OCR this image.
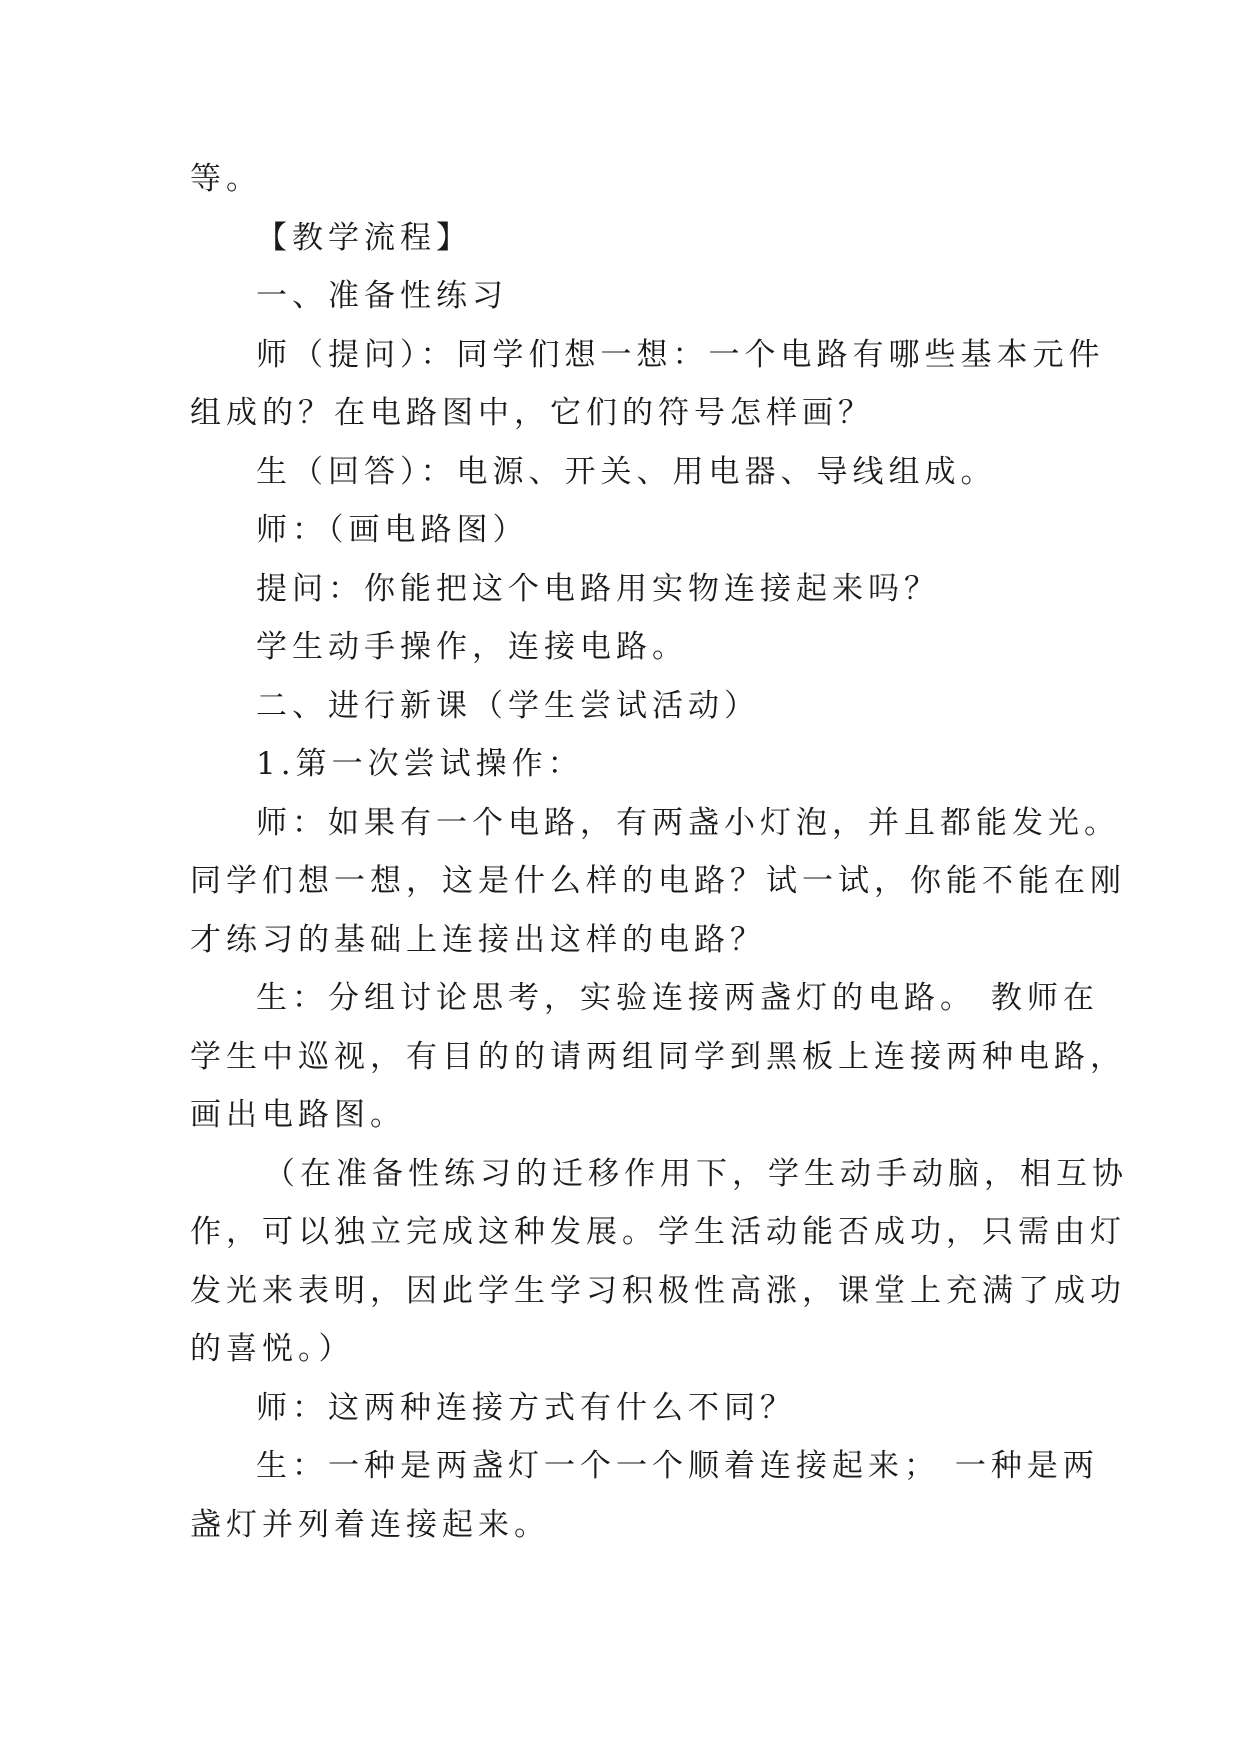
等。
【教学流程】
一、准备性练习
师（提问）：同学们想一想：一个电路有哪些基本元件
组成的？在电路图中，它们的符号怎样画？
生（回答）：电源、开关、用电器、导线组成。
师：（画电路图）
提问：你能把这个电路用实物连接起来吗？
学生动手操作，连接电路。
二、进行新课（学生尝试活动）
1.第一次尝试操作：
师：如果有一个电路，有两盏小灯泡，并且都能发光。
同学们想一想，这是什么样的电路？试一试，你能不能在刚
才练习的基础上连接出这样的电路？
生：分组讨论思考，实验连接两盏灯的电路。 教师在
学生中巡视，有目的的请两组同学到黑板上连接两种电路，
画出电路图。
（在准备性练习的迁移作用下，学生动手动脑，相互协
作，可以独立完成这种发展。学生活动能否成功，只需由灯
发光来表明，因此学生学习积极性高涨，课堂上充满了成功
的喜悦。）
师：这两种连接方式有什么不同？
生：一种是两盏灯一个一个顺着连接起来； 一种是两
盏灯并列着连接起来。
